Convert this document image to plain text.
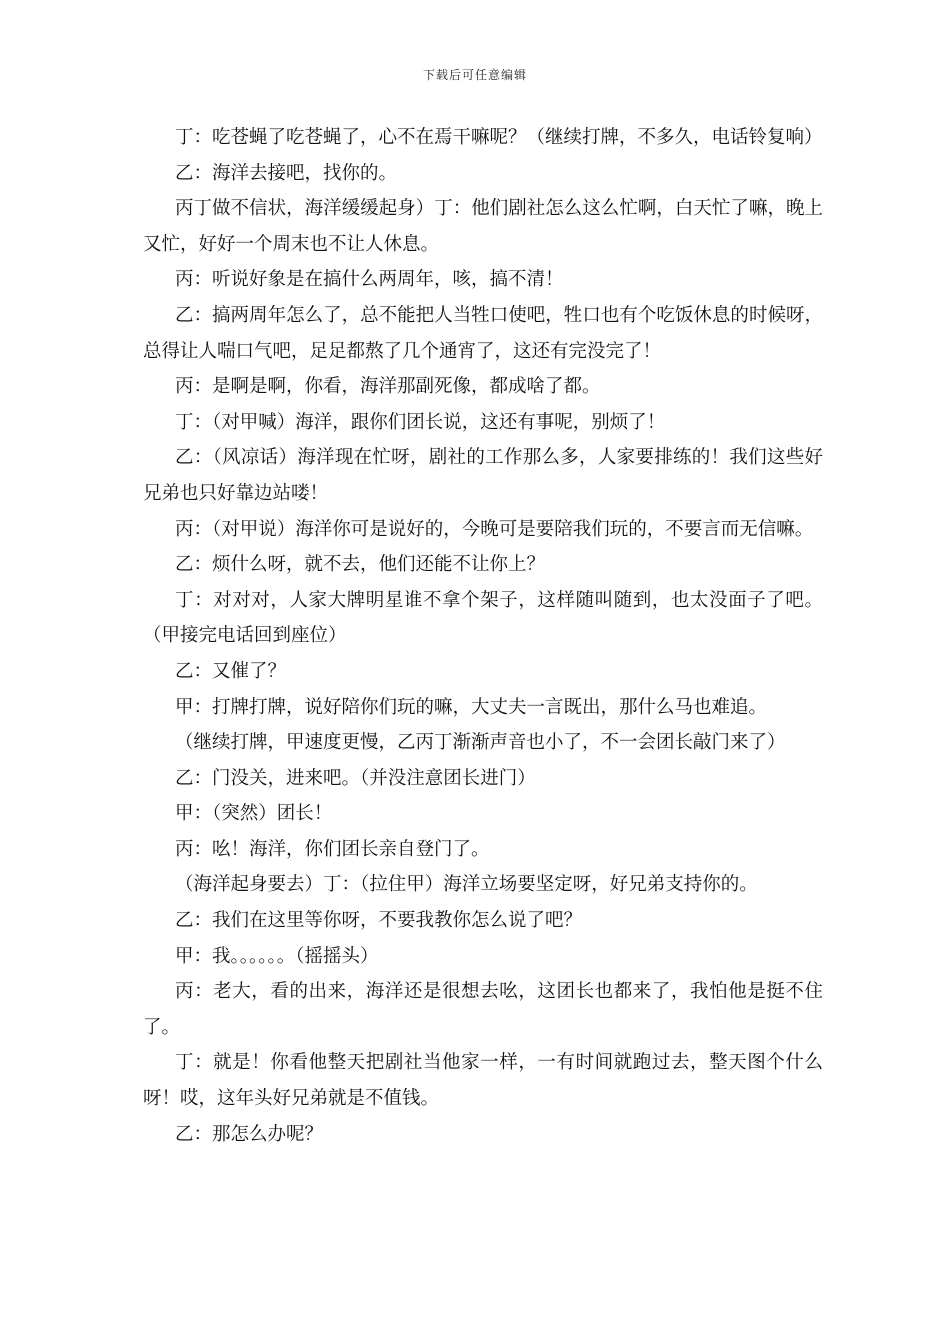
下载后可任意编辑

丁：吃苍蝇了吃苍蝇了，心不在焉干嘛呢？（继续打牌，不多久，电话铃复响）

乙：海洋去接吧，找你的。

丙丁做不信状，海洋缓缓起身）丁：他们剧社怎么这么忙啊，白天忙了嘛，晚上又忙，好好一个周末也不让人休息。

丙：听说好象是在搞什么两周年，咳，搞不清！

乙：搞两周年怎么了，总不能把人当牲口使吧，牲口也有个吃饭休息的时候呀，总得让人喘口气吧，足足都熬了几个通宵了，这还有完没完了！

丙：是啊是啊，你看，海洋那副死像，都成啥了都。

丁：（对甲喊）海洋，跟你们团长说，这还有事呢，别烦了！

乙：（风凉话）海洋现在忙呀，剧社的工作那么多，人家要排练的！我们这些好兄弟也只好靠边站喽！

丙：（对甲说）海洋你可是说好的，今晚可是要陪我们玩的，不要言而无信嘛。

乙：烦什么呀，就不去，他们还能不让你上？

丁：对对对，人家大牌明星谁不拿个架子，这样随叫随到，也太没面子了吧。（甲接完电话回到座位）

乙：又催了？

甲：打牌打牌，说好陪你们玩的嘛，大丈夫一言既出，那什么马也难追。

（继续打牌，甲速度更慢，乙丙丁渐渐声音也小了，不一会团长敲门来了）

乙：门没关，进来吧。（并没注意团长进门）

甲：（突然）团长！

丙：吆！海洋，你们团长亲自登门了。

（海洋起身要去）丁：（拉住甲）海洋立场要坚定呀，好兄弟支持你的。

乙：我们在这里等你呀，不要我教你怎么说了吧？

甲：我。。。。。。（摇摇头）

丙：老大，看的出来，海洋还是很想去吆，这团长也都来了，我怕他是挺不住了。

丁：就是！你看他整天把剧社当他家一样，一有时间就跑过去，整天图个什么呀！哎，这年头好兄弟就是不值钱。

乙：那怎么办呢？
